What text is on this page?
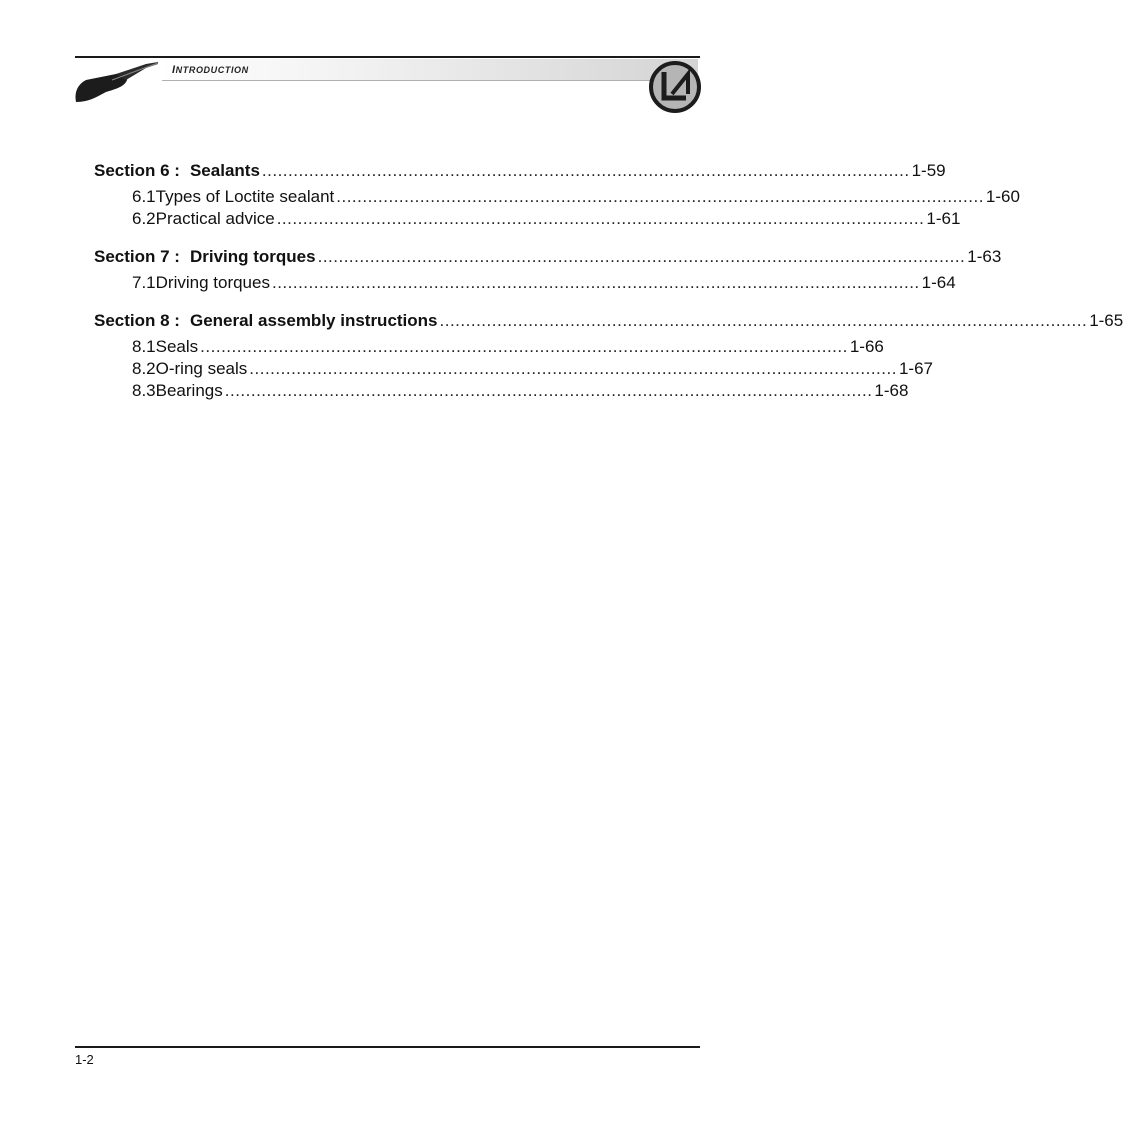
INTRODUCTION
Section 6 : Sealants ............................................................................................................................ 1-59
6.1 Types of Loctite sealant ............................................................................................................................ 1-60
6.2 Practical advice ............................................................................................................................ 1-61
Section 7 : Driving torques ............................................................................................................................ 1-63
7.1 Driving torques ............................................................................................................................ 1-64
Section 8 : General assembly instructions ............................................................................................................................ 1-65
8.1 Seals ............................................................................................................................ 1-66
8.2 O-ring seals ............................................................................................................................ 1-67
8.3 Bearings ............................................................................................................................ 1-68
1-2
